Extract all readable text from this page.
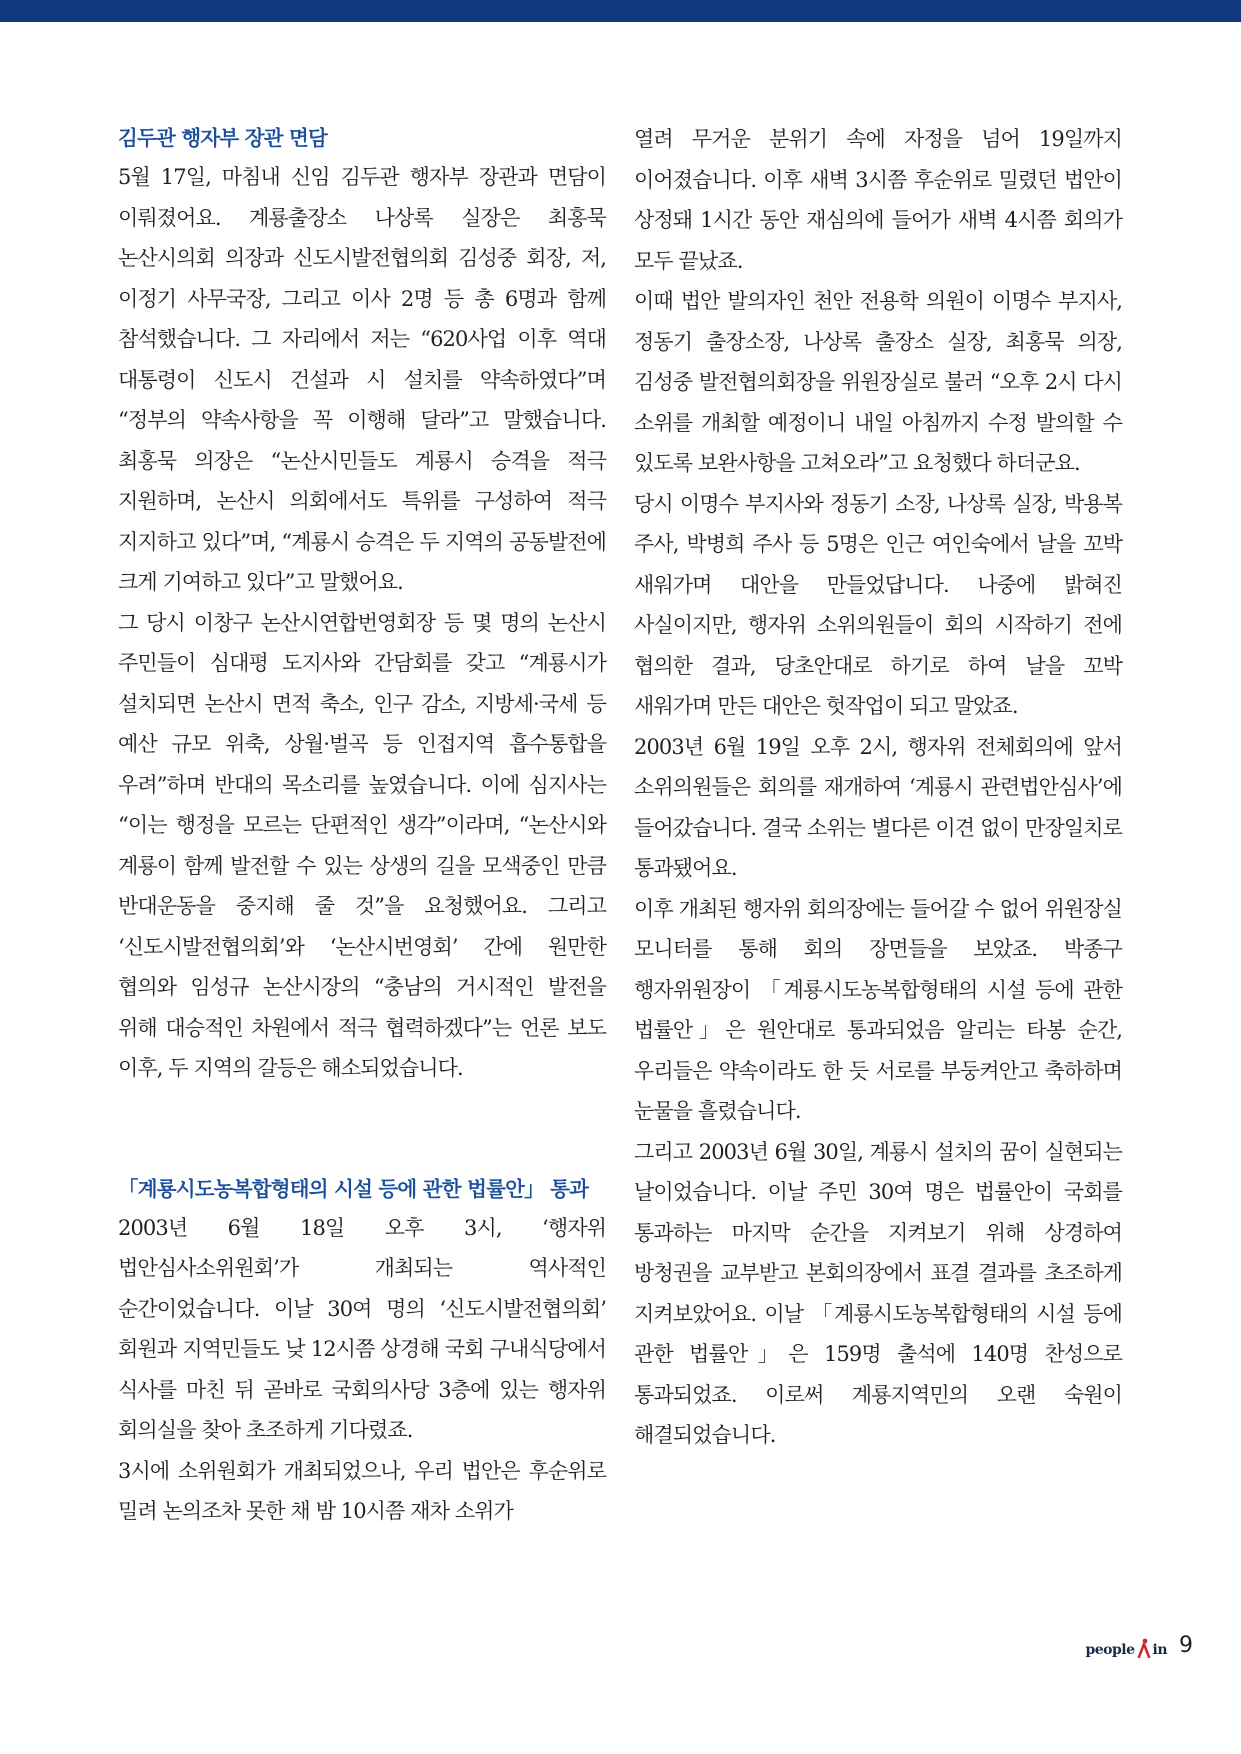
김두관 행자부 장관 면담

5월 17일, 마침내 신임 김두관 행자부 장관과 면담이 이뤄졌어요. 계룡출장소 나상록 실장은 최홍묵 논산시의회 의장과 신도시발전협의회 김성중 회장, 저, 이정기 사무국장, 그리고 이사 2명 등 총 6명과 함께 참석했습니다. 그 자리에서 저는 “620사업 이후 역대 대통령이 신도시 건설과 시 설치를 약속하였다”며 “정부의 약속사항을 꼭 이행해 달라”고 말했습니다. 최홍묵 의장은 “논산시민들도 계룡시 승격을 적극 지원하며, 논산시 의회에서도 특위를 구성하여 적극 지지하고 있다”며, “계룡시 승격은 두 지역의 공동발전에 크게 기여하고 있다”고 말했어요.

그 당시 이창구 논산시연합번영회장 등 몇 명의 논산시 주민들이 심대평 도지사와 간담회를 갖고 “계룡시가 설치되면 논산시 면적 축소, 인구 감소, 지방세·국세 등 예산 규모 위축, 상월·벌곡 등 인접지역 흡수통합을 우려”하며 반대의 목소리를 높였습니다. 이에 심지사는 “이는 행정을 모르는 단편적인 생각”이라며, “논산시와 계룡이 함께 발전할 수 있는 상생의 길을 모색중인 만큼 반대운동을 중지해 줄 것”을 요청했어요. 그리고 ‘신도시발전협의회’와 ‘논산시번영회’ 간에 원만한 협의와 임성규 논산시장의 “충남의 거시적인 발전을 위해 대승적인 차원에서 적극 협력하겠다”는 언론 보도 이후, 두 지역의 갈등은 해소되었습니다.

「계룡시도농복합형태의 시설 등에 관한 법률안」 통과

2003년 6월 18일 오후 3시, ‘행자위 법안심사소위원회’가 개최되는 역사적인 순간이었습니다. 이날 30여 명의 ‘신도시발전협의회’ 회원과 지역민들도 낮 12시쯤 상경해 국회 구내식당에서 식사를 마친 뒤 곧바로 국회의사당 3층에 있는 행자위 회의실을 찾아 초조하게 기다렸죠.

3시에 소위원회가 개최되었으나, 우리 법안은 후순위로 밀려 논의조차 못한 채 밤 10시쯤 재차 소위가

열려 무거운 분위기 속에 자정을 넘어 19일까지 이어졌습니다. 이후 새벽 3시쯤 후순위로 밀렸던 법안이 상정돼 1시간 동안 재심의에 들어가 새벽 4시쯤 회의가 모두 끝났죠.

이때 법안 발의자인 천안 전용학 의원이 이명수 부지사, 정동기 출장소장, 나상록 출장소 실장, 최홍묵 의장, 김성중 발전협의회장을 위원장실로 불러 “오후 2시 다시 소위를 개최할 예정이니 내일 아침까지 수정 발의할 수 있도록 보완사항을 고쳐오라”고 요청했다 하더군요.

당시 이명수 부지사와 정동기 소장, 나상록 실장, 박용복 주사, 박병희 주사 등 5명은 인근 여인숙에서 날을 꼬박 새워가며 대안을 만들었답니다. 나중에 밝혀진 사실이지만, 행자위 소위의원들이 회의 시작하기 전에 협의한 결과, 당초안대로 하기로 하여 날을 꼬박 새워가며 만든 대안은 헛작업이 되고 말았죠.

2003년 6월 19일 오후 2시, 행자위 전체회의에 앞서 소위의원들은 회의를 재개하여 ‘계룡시 관련법안심사’에 들어갔습니다. 결국 소위는 별다른 이견 없이 만장일치로 통과됐어요.

이후 개최된 행자위 회의장에는 들어갈 수 없어 위원장실 모니터를 통해 회의 장면들을 보았죠. 박종구 행자위원장이 「계룡시도농복합형태의 시설 등에 관한 법률안」은 원안대로 통과되었음 알리는 타봉 순간, 우리들은 약속이라도 한 듯 서로를 부둥켜안고 축하하며 눈물을 흘렸습니다.

그리고 2003년 6월 30일, 계룡시 설치의 꿈이 실현되는 날이었습니다. 이날 주민 30여 명은 법률안이 국회를 통과하는 마지막 순간을 지켜보기 위해 상경하여 방청권을 교부받고 본회의장에서 표결 결과를 초조하게 지켜보았어요. 이날 「계룡시도농복합형태의 시설 등에 관한 법률안」은 159명 출석에 140명 찬성으로 통과되었죠. 이로써 계룡지역민의 오랜 숙원이 해결되었습니다.

people in 9
